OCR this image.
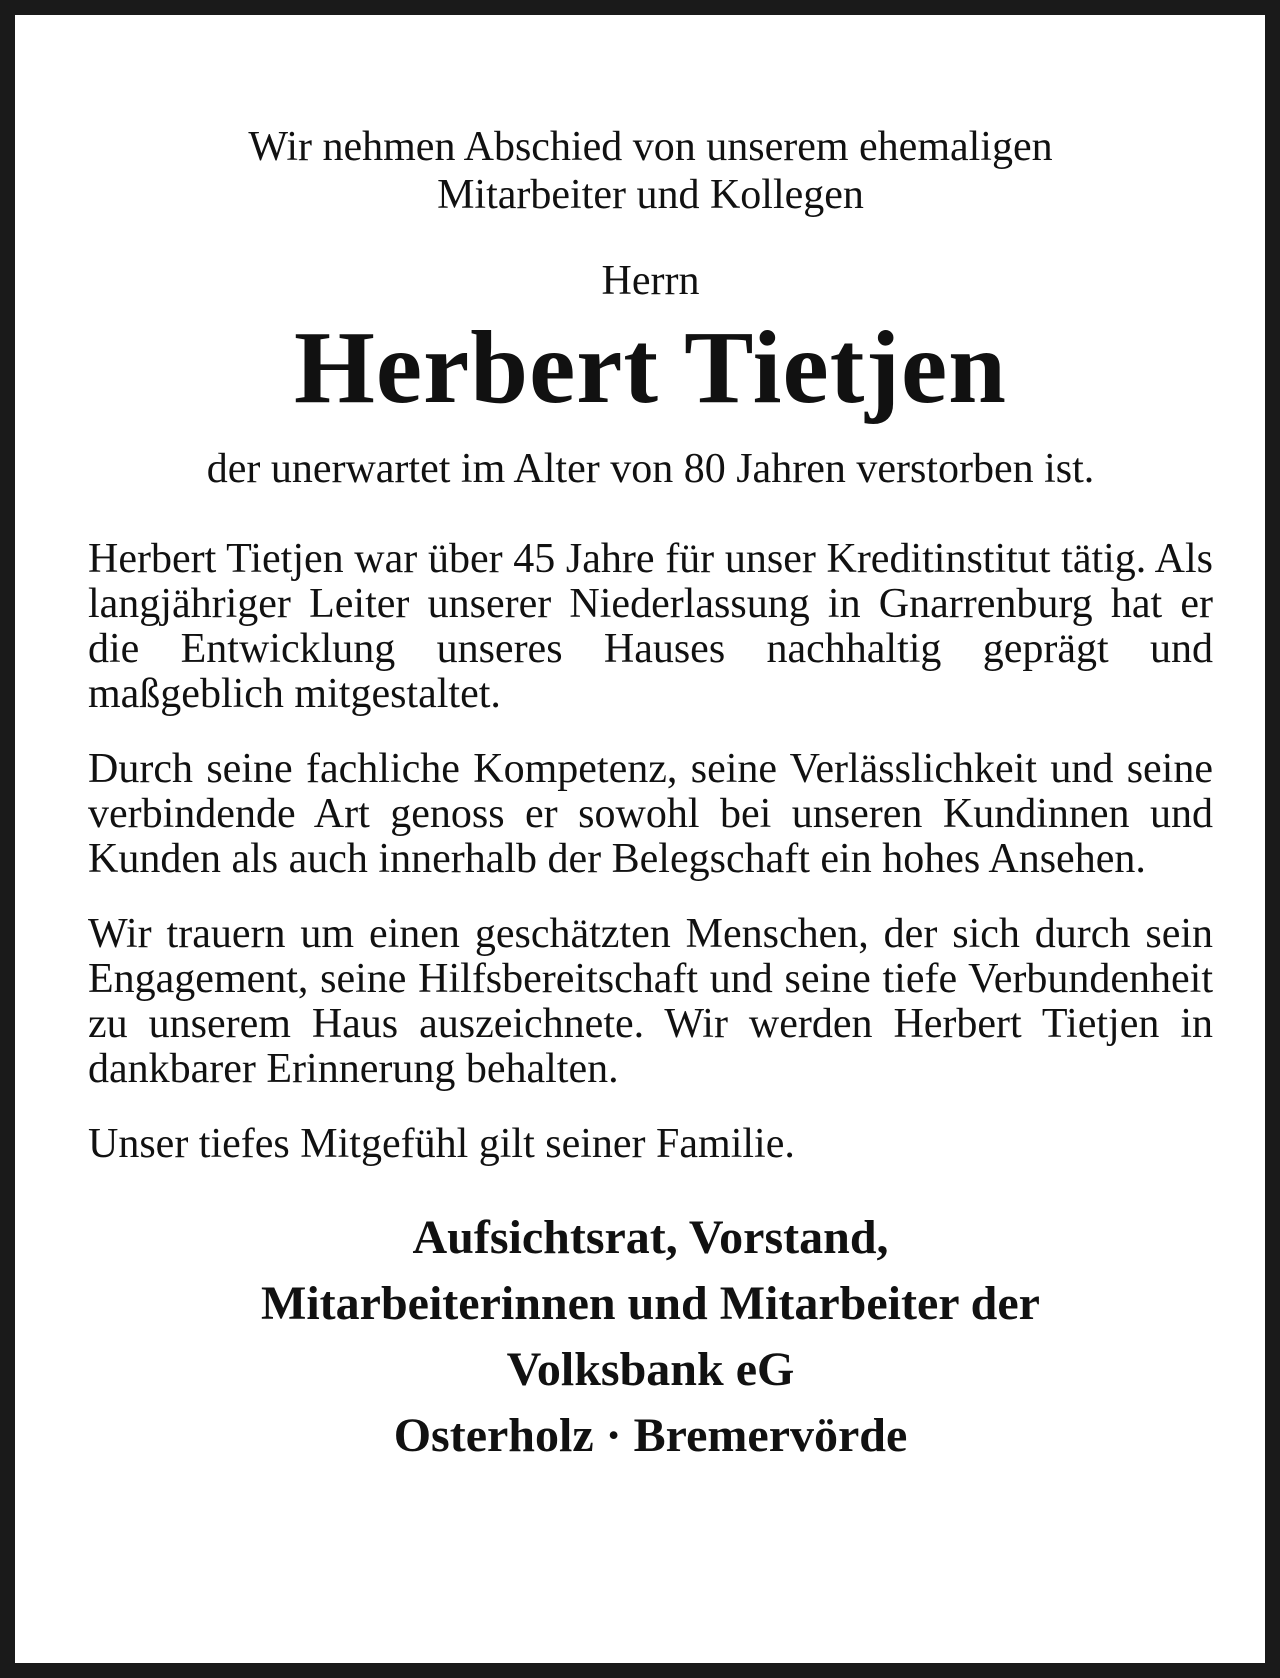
Wir nehmen Abschied von unserem ehemaligen

Mitarbeiter und Kollegen

Herrn

Herbert Tietjen

der unerwartet im Alter von 80 Jahren verstorben ist.

Herbert Tietjen war über 45 Jahre für unser Kreditinstitut tätig. Als langjähriger Leiter unserer Niederlassung in Gnarrenburg hat er die Entwicklung unseres Hauses nachhaltig geprägt und maßgeblich mitgestaltet.

Durch seine fachliche Kompetenz, seine Verlässlichkeit und seine verbindende Art genoss er sowohl bei unseren Kundinnen und Kunden als auch innerhalb der Belegschaft ein hohes Ansehen.

Wir trauern um einen geschätzten Menschen, der sich durch sein Engagement, seine Hilfsbereitschaft und seine tiefe Verbundenheit zu unserem Haus auszeichnete. Wir werden Herbert Tietjen in dankbarer Erinnerung behalten.

Unser tiefes Mitgefühl gilt seiner Familie.

Aufsichtsrat, Vorstand,
Mitarbeiterinnen und Mitarbeiter der
Volksbank eG
Osterholz · Bremervörde
